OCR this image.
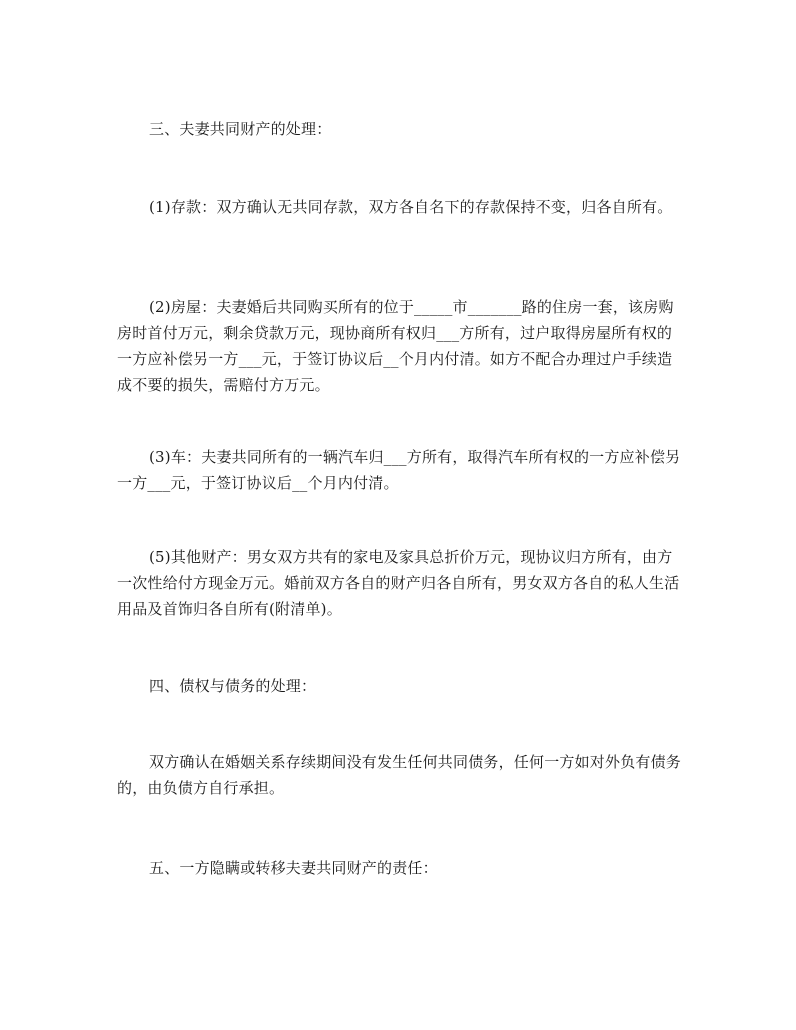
三、夫妻共同财产的处理：
(1)存款：双方确认无共同存款，双方各自名下的存款保持不变，归各自所有。
(2)房屋：夫妻婚后共同购买所有的位于_____市_______路的住房一套，该房购房时首付万元，剩余贷款万元，现协商所有权归___方所有，过户取得房屋所有权的一方应补偿另一方___元，于签订协议后__个月内付清。如方不配合办理过户手续造成不要的损失，需赔付方万元。
(3)车：夫妻共同所有的一辆汽车归___方所有，取得汽车所有权的一方应补偿另一方___元，于签订协议后__个月内付清。
(5)其他财产：男女双方共有的家电及家具总折价万元，现协议归方所有，由方一次性给付方现金万元。婚前双方各自的财产归各自所有，男女双方各自的私人生活用品及首饰归各自所有(附清单)。
四、债权与债务的处理：
双方确认在婚姻关系存续期间没有发生任何共同债务，任何一方如对外负有债务的，由负债方自行承担。
五、一方隐瞒或转移夫妻共同财产的责任：
